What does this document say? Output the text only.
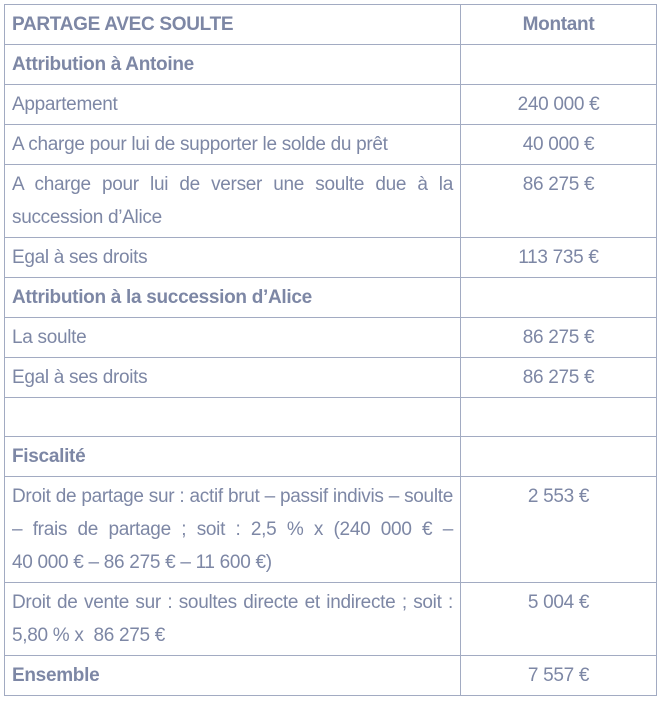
PARTAGE AVEC SOULTE	Montant
Attribution à Antoine	
Appartement	240 000 €
A charge pour lui de supporter le solde du prêt	40 000 €
A charge pour lui de verser une soulte due à la succession d’Alice	86 275 €
Egal à ses droits	113 735 €
Attribution à la succession d’Alice	
La soulte	86 275 €
Egal à ses droits	86 275 €

Fiscalité	
Droit de partage sur : actif brut – passif indivis – soulte – frais de partage ; soit : 2,5 % x (240 000 € – 40 000 € – 86 275 € – 11 600 €)	2 553 €
Droit de vente sur : soultes directe et indirecte ; soit : 5,80 % x  86 275 €	5 004 €
Ensemble	7 557 €
